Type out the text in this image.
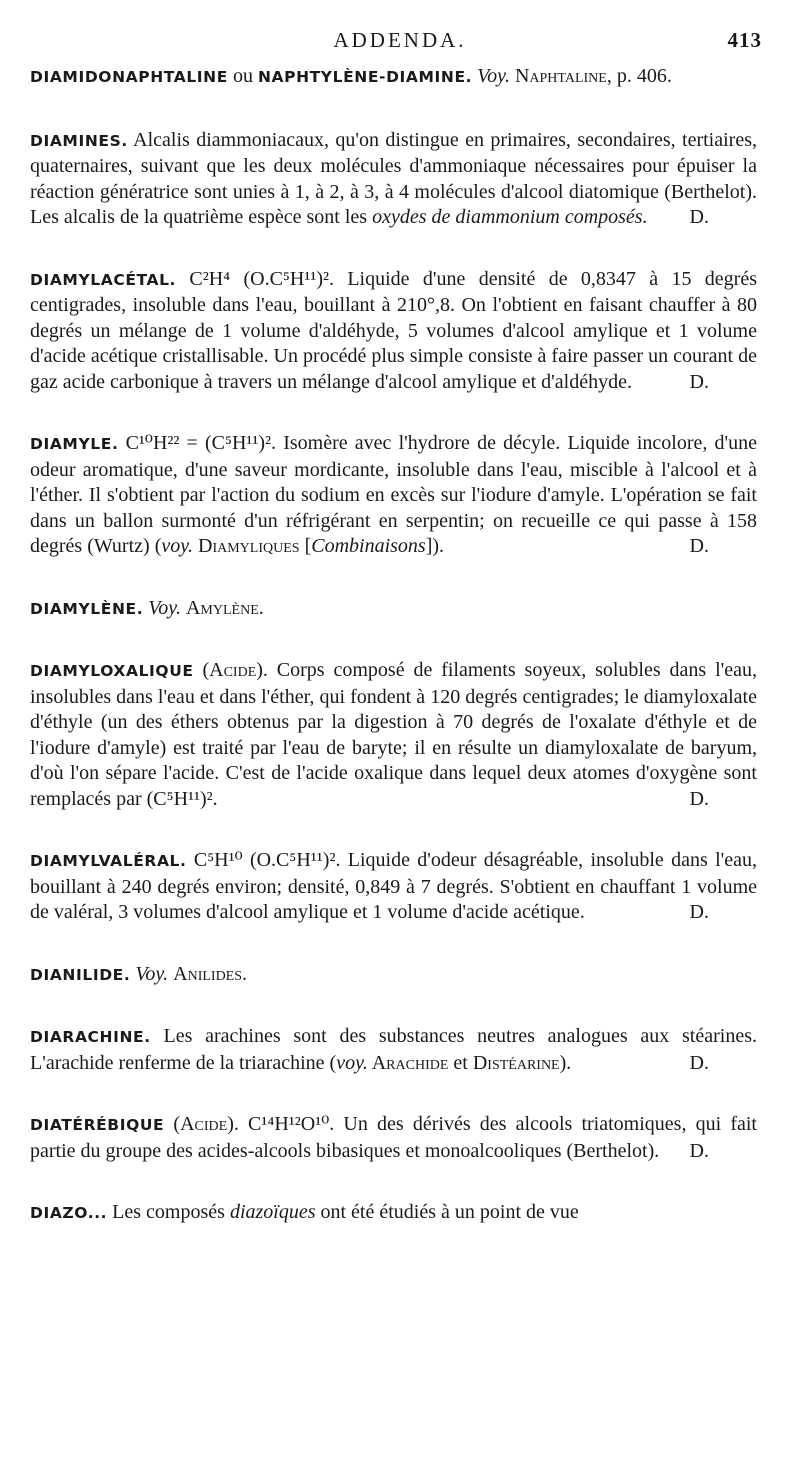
ADDENDA.	413

DIAMIDONAPHTALINE ou NAPHTYLÈNE-DIAMINE. Voy. Naphtaline, p. 406.

DIAMINES. Alcalis diammoniacaux, qu'on distingue en primaires, secondaires, tertiaires, quaternaires, suivant que les deux molécules d'ammoniaque nécessaires pour épuiser la réaction génératrice sont unies à 1, à 2, à 3, à 4 molécules d'alcool diatomique (Berthelot). Les alcalis de la quatrième espèce sont les oxydes de diammonium composés. D.

DIAMYLACÉTAL. C²H⁴ (O.C⁵H¹¹)². Liquide d'une densité de 0,8347 à 15 degrés centigrades, insoluble dans l'eau, bouillant à 210°,8. On l'obtient en faisant chauffer à 80 degrés un mélange de 1 volume d'aldéhyde, 5 volumes d'alcool amylique et 1 volume d'acide acétique cristallisable. Un procédé plus simple consiste à faire passer un courant de gaz acide carbonique à travers un mélange d'alcool amylique et d'aldéhyde.	D.

DIAMYLE. C¹⁰H²² = (C⁵H¹¹)². Isomère avec l'hydrore de décyle. Liquide incolore, d'une odeur aromatique, d'une saveur mordicante, insoluble dans l'eau, miscible à l'alcool et à l'éther. Il s'obtient par l'action du sodium en excès sur l'iodure d'amyle. L'opération se fait dans un ballon surmonté d'un réfrigérant en serpentin; on recueille ce qui passe à 158 degrés (Wurtz) (voy. Diamyliques [Combinaisons]).	D.

DIAMYLÈNE. Voy. Amylène.

DIAMYLOXALIQUE (Acide). Corps composé de filaments soyeux, solubles dans l'eau, insolubles dans l'eau et dans l'éther, qui fondent à 120 degrés centigrades; le diamyloxalate d'éthyle (un des éthers obtenus par la digestion à 70 degrés de l'oxalate d'éthyle et de l'iodure d'amyle) est traité par l'eau de baryte; il en résulte un diamyloxalate de baryum, d'où l'on sépare l'acide. C'est de l'acide oxalique dans lequel deux atomes d'oxygène sont remplacés par (C⁵H¹¹)².	D.

DIAMYLVALÉRAL. C⁵H¹⁰ (O.C⁵H¹¹)². Liquide d'odeur désagréable, insoluble dans l'eau, bouillant à 240 degrés environ; densité, 0,849 à 7 degrés. S'obtient en chauffant 1 volume de valéral, 3 volumes d'alcool amylique et 1 volume d'acide acétique.	D.

DIANILIDE. Voy. Anilides.

DIARACHINE. Les arachines sont des substances neutres analogues aux stéarines. L'arachide renferme de la triarachine (voy. Arachide et Distéarine).	D.

DIATÉRÉBIQUE (Acide). C¹⁴H¹²O¹⁰. Un des dérivés des alcools triatomiques, qui fait partie du groupe des acides-alcools bibasiques et monoalcooliques (Berthelot). D.

DIAZO... Les composés diazoïques ont été étudiés à un point de vue
